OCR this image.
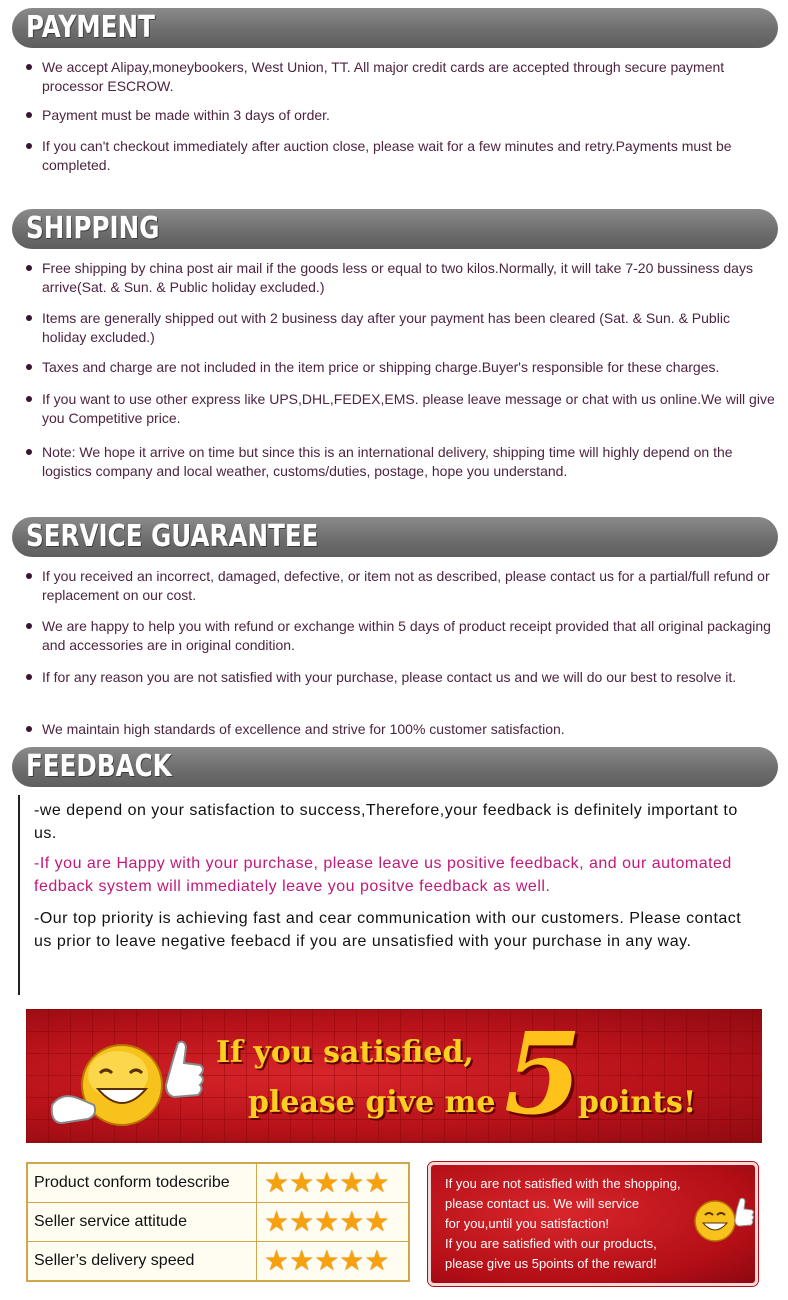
PAYMENT
We accept Alipay,moneybookers, West Union, TT. All major credit cards are accepted through secure payment processor ESCROW.
Payment must be made within 3 days of order.
If you can't checkout immediately after auction close, please wait for a few minutes and retry.Payments must be completed.
SHIPPING
Free shipping by china post air mail if the goods less or equal to two kilos.Normally, it will take 7-20 bussiness days arrive(Sat. & Sun. & Public holiday excluded.)
Items are generally shipped out with 2 business day after your payment has been cleared (Sat. & Sun. & Public holiday excluded.)
Taxes and charge are not included in the item price or shipping charge.Buyer's responsible for these charges.
If you want to use other express like UPS,DHL,FEDEX,EMS. please leave message or chat with us online.We will give you Competitive price.
Note: We hope it arrive on time but since this is an international delivery, shipping time will highly depend on the logistics company and local weather, customs/duties, postage, hope you understand.
SERVICE GUARANTEE
If you received an incorrect, damaged, defective, or item not as described, please contact us for a partial/full refund or replacement on our cost.
We are happy to help you with refund or exchange within 5 days of product receipt provided that all original packaging and accessories are in original condition.
If for any reason you are not satisfied with your purchase, please contact us and we will do our best to resolve it.
We maintain high standards of excellence and strive for 100% customer satisfaction.
FEEDBACK

-we depend on your satisfaction to success,Therefore,your feedback is definitely important to us.

-If you are Happy with your purchase, please leave us positive feedback, and our automated fedback system will immediately leave you positve feedback as well.

-Our top priority is achieving fast and cear communication with our customers. Please contact us prior to leave negative feebacd if you are unsatisfied with your purchase in any way.

If you satisfied,
please give me 5
points!
Product conform todescribe ★★★★★
Seller service attitude	★★★★★
Seller’s delivery speed ★★★★★
If you are not satisfied with the shopping,
please contact us. We will service
for you,until you satisfaction!
If you are satisfied with our products,
please give us 5points of the reward!
